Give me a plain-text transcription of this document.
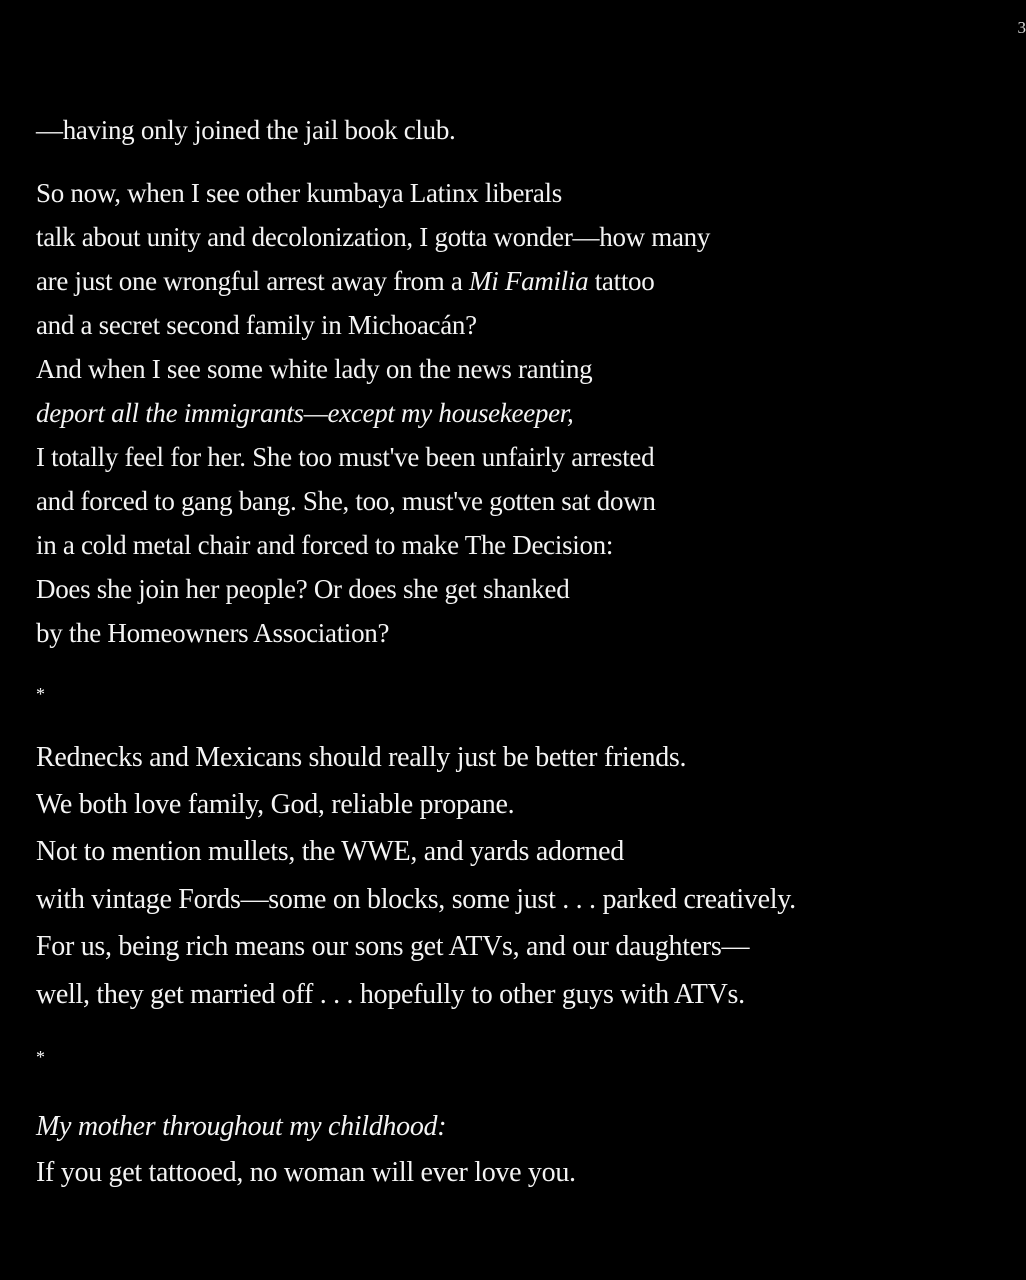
3
—having only joined the jail book club.
So now, when I see other kumbaya Latinx liberals
talk about unity and decolonization, I gotta wonder—how many
are just one wrongful arrest away from a Mi Familia tattoo
and a secret second family in Michoacán?
And when I see some white lady on the news ranting
deport all the immigrants—except my housekeeper,
I totally feel for her. She too must've been unfairly arrested
and forced to gang bang. She, too, must've gotten sat down
in a cold metal chair and forced to make The Decision:
Does she join her people? Or does she get shanked
by the Homeowners Association?
*
Rednecks and Mexicans should really just be better friends.
We both love family, God, reliable propane.
Not to mention mullets, the WWE, and yards adorned
with vintage Fords—some on blocks, some just . . . parked creatively.
For us, being rich means our sons get ATVs, and our daughters—
well, they get married off . . . hopefully to other guys with ATVs.
*
My mother throughout my childhood:
If you get tattooed, no woman will ever love you.
